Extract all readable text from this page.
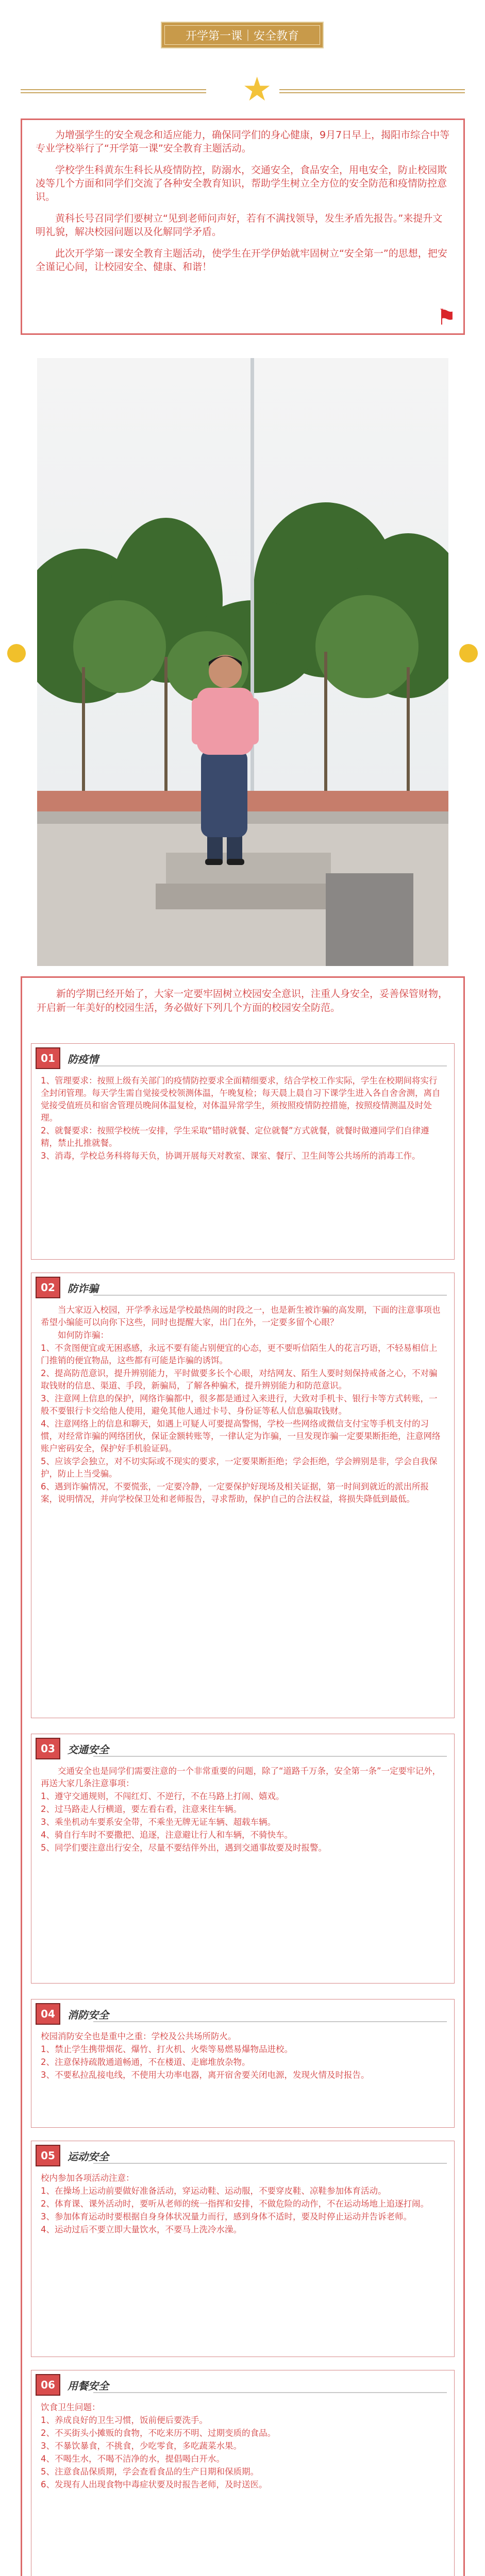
开学第一课｜安全教育
★

为增强学生的安全观念和适应能力，确保同学们的身心健康，9月7日早上，揭阳市综合中等专业学校举行了“开学第一课”安全教育主题活动。

学校学生科黄东生科长从疫情防控，防溺水，交通安全，食品安全，用电安全，防止校园欺凌等几个方面和同学们交流了各种安全教育知识，帮助学生树立全方位的安全防范和疫情防控意识。

黄科长号召同学们要树立“见到老师问声好，若有不满找领导，发生矛盾先报告。”来提升文明礼貌，解决校园问题以及化解同学矛盾。

此次开学第一课安全教育主题活动，使学生在开学伊始就牢固树立“安全第一”的思想，把安全谨记心间，让校园安全、健康、和谐！

⚑

新的学期已经开始了，大家一定要牢固树立校园安全意识，注重人身安全，妥善保管财物，开启新一年美好的校园生活，务必做好下列几个方面的校园安全防范。

01	防疫情

1、管理要求：按照上级有关部门的疫情防控要求全面精细要求，结合学校工作实际，学生在校期间将实行全封闭管理。每天学生需自觉接受校领测体温，午晚复检；每天晨上晨自习下课学生进入各自舍舍测，离自觉接受值班员和宿舍管理员晚间体温复检，对体温异常学生，须按照疫情防控措施，按照疫情测温及时处理。

2、就餐要求：按照学校统一安排，学生采取“错时就餐、定位就餐”方式就餐，就餐时做遵同学们自律遵精，禁止扎推就餐。

3、消毒，学校总务科将每天负，协调开展每天对教室、课室、餐厅、卫生间等公共场所的消毒工作。

02	防诈骗

当大家迈入校园，开学季永远是学校最热闹的时段之一，也是新生被诈骗的高发期，下面的注意事项也希望小编能可以向你下这些，同时也提醒大家，出门在外，一定要多留个心眼？

如何防诈骗：

1、不贪图便宜或无困惑感，永远不要有能占别便宜的心态，更不要听信陌生人的花言巧语，不轻易相信上门推销的便宜物品，这些都有可能是诈骗的诱饵。

2、提高防范意识，提升辨别能力，平时做要多长个心眼，对结网友、陌生人要时刻保持戒备之心，不对骗取钱财的信息、渠道、手段，新骗局，了解各种骗术，提升辨别能力和防范意识。

3、注意网上信息的保护，网络诈骗都中，很多都是通过入来进行，大致对手机卡、银行卡等方式转账，一般不要银行卡交给他人使用，避免其他人通过卡号、身份证等私人信息骗取钱财。

4、注意网络上的信息和聊天，如遇上可疑人可要提高警惕，学校一些网络或微信支付宝等手机支付的习惯，对经常诈骗的网络团伙，保证金额转账等，一律认定为诈骗，一旦发现诈骗一定要果断拒绝，注意网络账户密码安全，保护好手机验证码。

5、应该学会独立，对不切实际或不现实的要求，一定要果断拒绝；学会拒绝，学会辨别是非，学会自我保护，防止上当受骗。

6、遇到诈骗情况，不要慌张，一定要冷静，一定要保护好现场及相关证据，第一时间到就近的派出所报案，说明情况，并向学校保卫处和老师报告，寻求帮助，保护自己的合法权益，将损失降低到最低。

03	交通安全

交通安全也是同学们需要注意的一个非常重要的问题，除了“道路千万条，安全第一条”一定要牢记外，再送大家几条注意事项：

1、遵守交通规则，不闯红灯、不逆行，不在马路上打闹、嬉戏。

2、过马路走人行横道，要左看右看，注意来往车辆。

3、乘坐机动车要系安全带，不乘坐无牌无证车辆、超载车辆。

4、骑自行车时不要撒把、追逐，注意避让行人和车辆，不骑快车。

5、同学们要注意出行安全，尽量不要结伴外出，遇到交通事故要及时报警。

04	消防安全

校园消防安全也是重中之重：学校及公共场所防火。

1、禁止学生携带烟花、爆竹、打火机、火柴等易燃易爆物品进校。

2、注意保持疏散通道畅通，不在楼道、走廊堆放杂物。

3、不要私拉乱接电线，不使用大功率电器，离开宿舍要关闭电源，发现火情及时报告。

05	运动安全

校内参加各项活动注意：

1、在操场上运动前要做好准备活动，穿运动鞋、运动服，不要穿皮鞋、凉鞋参加体育活动。

2、体育课、课外活动时，要听从老师的统一指挥和安排，不做危险的动作，不在运动场地上追逐打闹。

3、参加体育运动时要根据自身身体状况量力而行，感到身体不适时，要及时停止运动并告诉老师。

4、运动过后不要立即大量饮水，不要马上洗冷水澡。

06	用餐安全

饮食卫生问题：

1、养成良好的卫生习惯，饭前便后要洗手。

2、不买街头小摊贩的食物，不吃来历不明、过期变质的食品。

3、不暴饮暴食，不挑食，少吃零食，多吃蔬菜水果。

4、不喝生水，不喝不洁净的水，提倡喝白开水。

5、注意食品保质期，学会查看食品的生产日期和保质期。

6、发现有人出现食物中毒症状要及时报告老师，及时送医。
